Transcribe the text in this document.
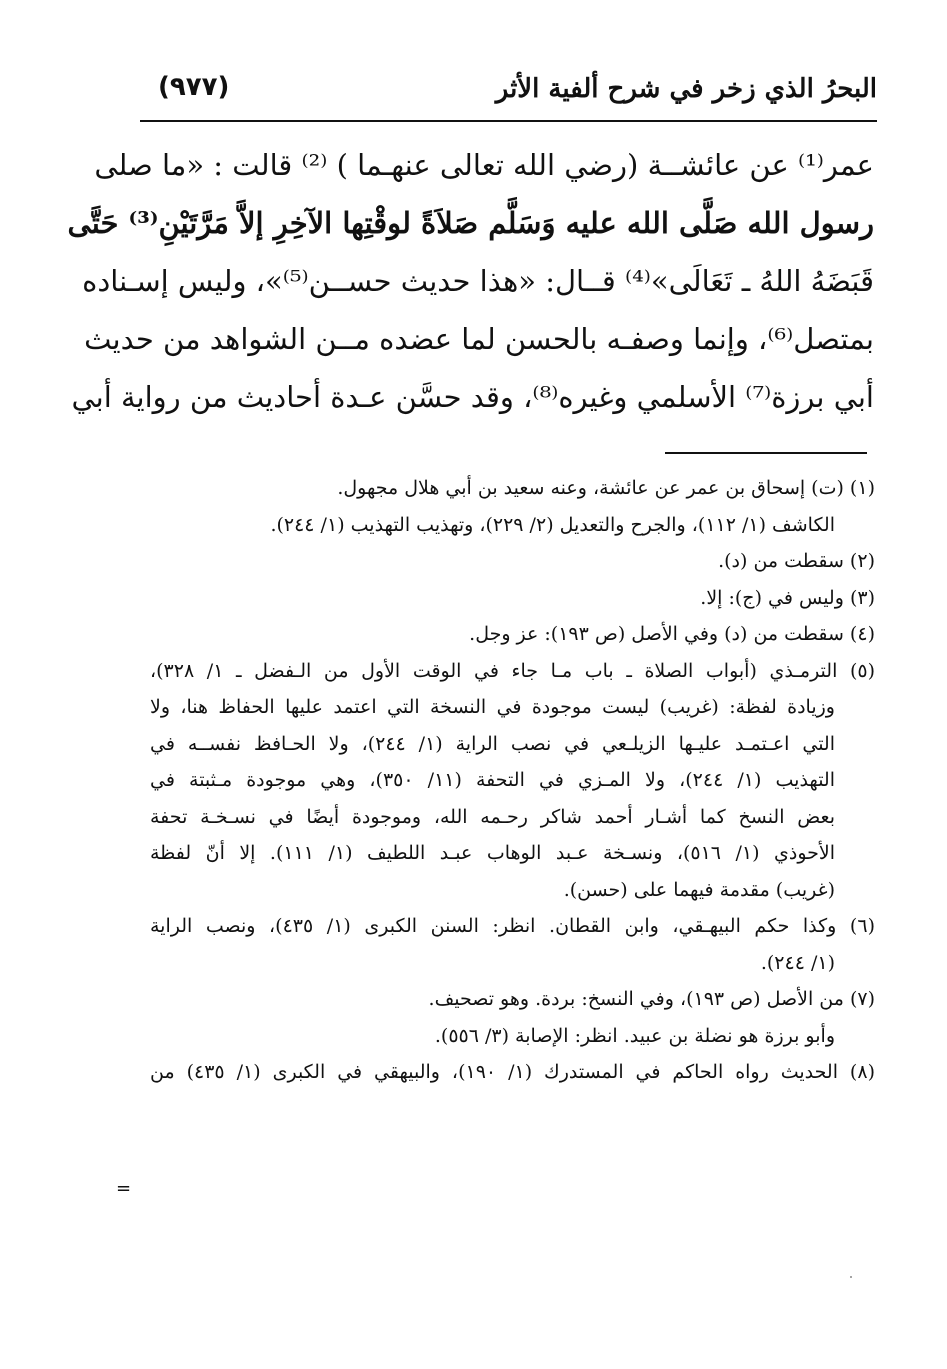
البحرُ الذي زخر في شرح ألفية الأثر
(٩٧٧)
عمر⁽¹⁾ عن عائشــة (رضي الله تعالى عنهـما ) ⁽²⁾ قالت : «ما صلى
رسول الله صَلَّى الله عليه وَسَلَّم صَلاَةً لوقْتِها الآخِرِ إلاَّ مَرَّتَيْنِ⁽³⁾ حَتَّى
قَبَضَهُ اللهُ ـ تَعَالَى»⁽⁴⁾ قــال: «هذا حديث حســن⁽⁵⁾»، وليس إسـناده
بمتصل⁽⁶⁾، وإنما وصفـه بالحسن لما عضده مــن الشواهد من حديث
أبي برزة⁽⁷⁾ الأسلمي وغيره⁽⁸⁾، وقد حسَّن عـدة أحاديث من رواية أبي
(١) (ت) إسحاق بن عمر عن عائشة، وعنه سعيد بن أبي هلال مجهول.
الكاشف (١/ ١١٢)، والجرح والتعديل (٢/ ٢٢٩)، وتهذيب التهذيب (١/ ٢٤٤).
(٢) سقطت من (د).
(٣) وليس في (ج): إلا.
(٤) سقطت من (د) وفي الأصل (ص ١٩٣): عز وجل.
(٥) الترمـذي (أبواب الصلاة ـ باب مـا جاء في الوقت الأول من الـفضل ـ ١/ ٣٢٨)،
وزيادة لفظة: (غريب) ليست موجودة في النسخة التي اعتمد عليها الحفاظ هنا، ولا
التي اعـتمـد عليـها الزيلـعي في نصب الراية (١/ ٢٤٤)، ولا الحـافظ نفســه في
التهذيب (١/ ٢٤٤)، ولا المـزي في التحفة (١١/ ٣٥٠)، وهي موجودة مـثبتة في
بعض النسخ كما أشـار أحمد شاكر رحـمه الله، وموجودة أيضًا في نسـخـة تحفة
الأحوذي (١/ ٥١٦)، ونسـخة عـبد الوهاب عبـد اللطيف (١/ ١١١). إلا أنّ لفظة
(غريب) مقدمة فيهما على (حسن).
(٦) وكذا حكم البيهـقي، وابن القطان. انظر: السنن الكبرى (١/ ٤٣٥)، ونصب الراية
(١/ ٢٤٤).
(٧) من الأصل (ص ١٩٣)، وفي النسخ: بردة. وهو تصحيف.
وأبو برزة هو نضلة بن عبيد. انظر: الإصابة (٣/ ٥٥٦).
(٨) الحديث رواه الحاكم في المستدرك (١/ ١٩٠)، والبيهقي في الكبرى (١/ ٤٣٥) من
=
